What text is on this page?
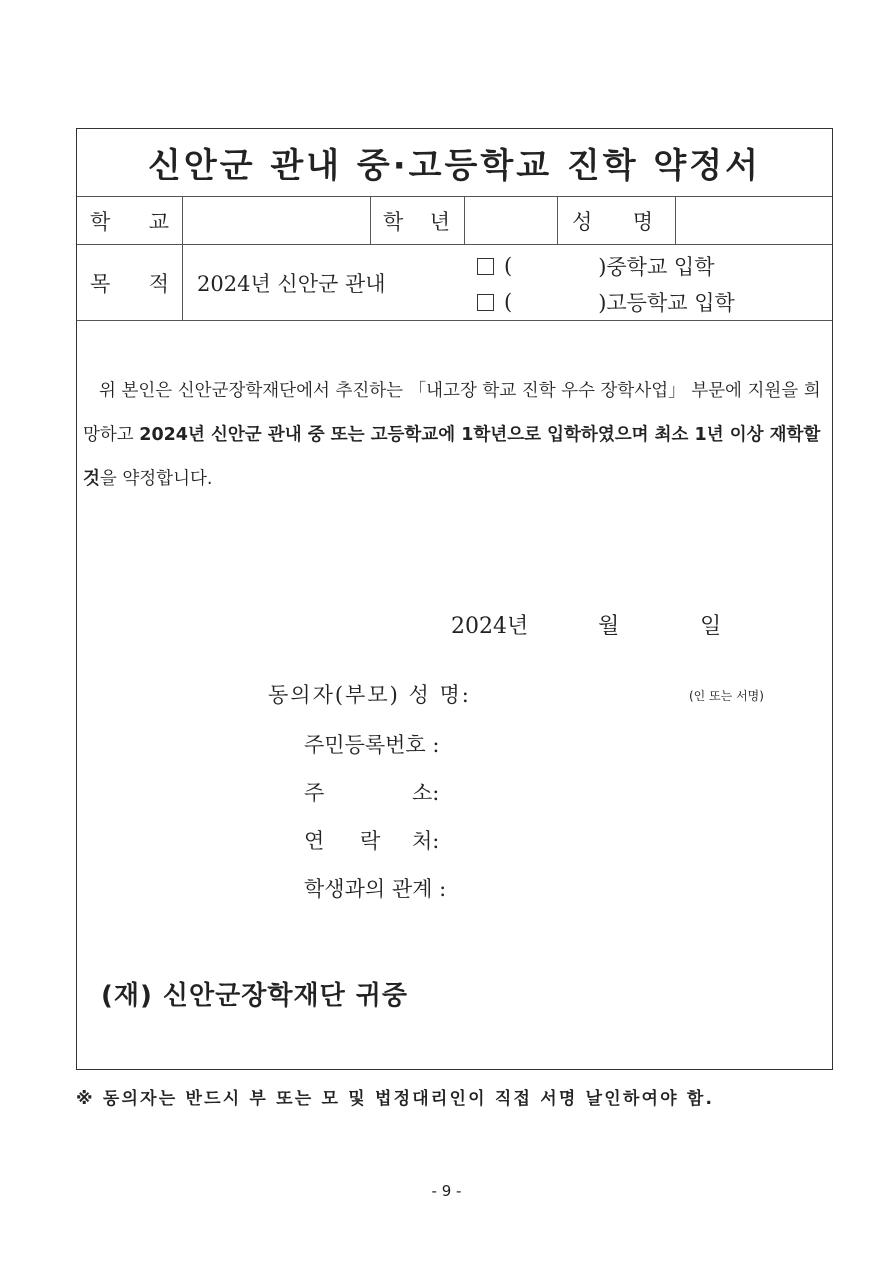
신안군 관내 중·고등학교 진학 약정서
학 교	학 년	성 명
목 적 2024년 신안군 관내
(	)중학교 입학
(	)고등학교 입학
위 본인은 신안군장학재단에서 추진하는 「내고장 학교 진학 우수 장학사업」 부문에 지원을 희망하고 2024년 신안군 관내 중 또는 고등학교에 1학년으로 입학하였으며 최소 1년 이상 재학할 것을 약정합니다.
2024년	월	일
동의자(부모) 성 명:	(인 또는 서명)
주민등록번호 :
주	소:
연 락 처:
학생과의 관계 :
(재) 신안군장학재단 귀중
※ 동의자는 반드시 부 또는 모 및 법정대리인이 직접 서명 날인하여야 함.
- 9 -
